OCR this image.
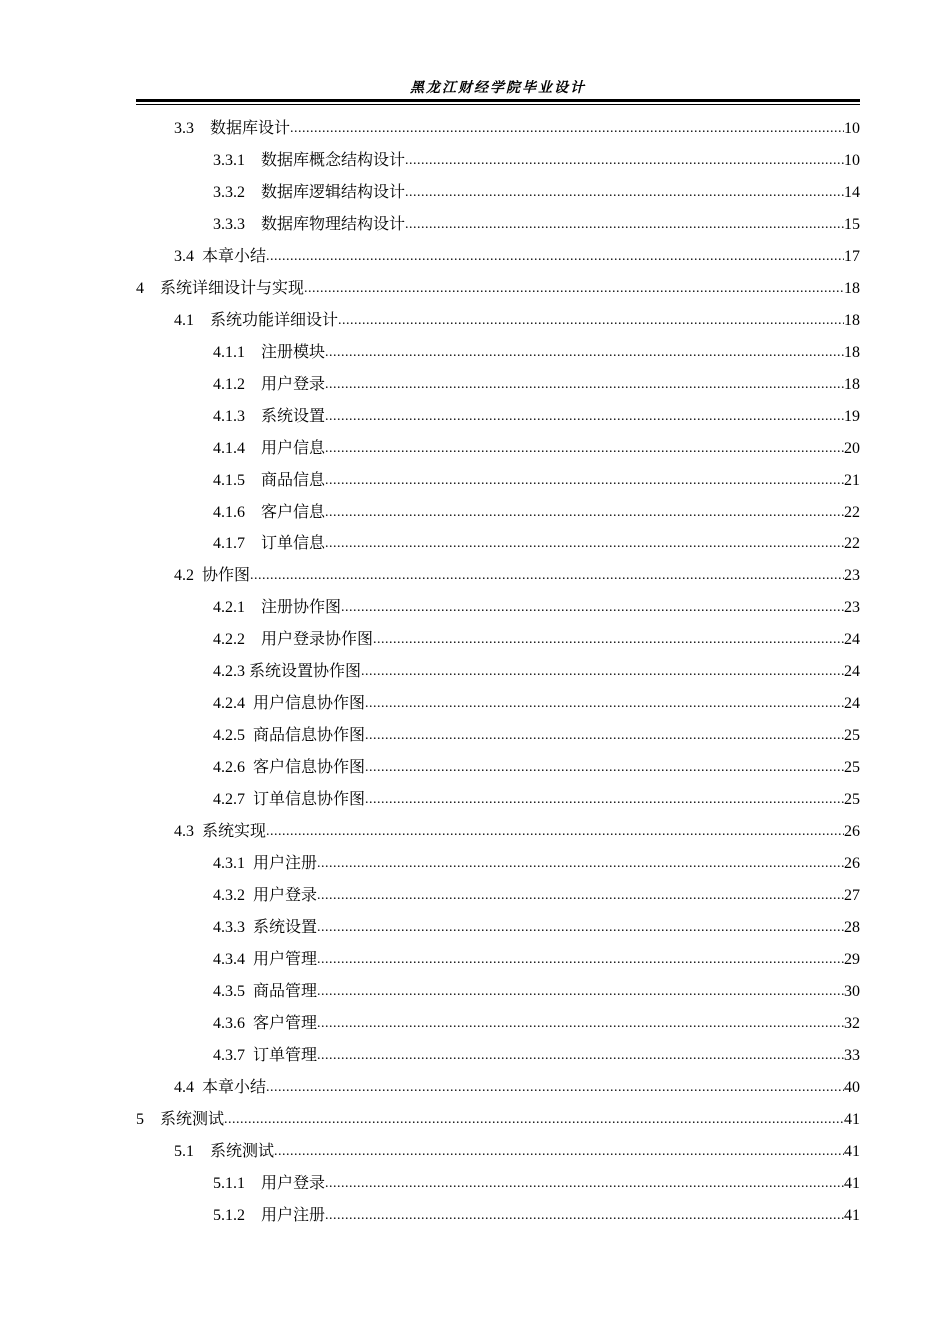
黑龙江财经学院毕业设计
3.3    数据库设计 .....	10
3.3.1    数据库概念结构设计 .....	10
3.3.2    数据库逻辑结构设计 .....	14
3.3.3    数据库物理结构设计 .....	15
3.4  本章小结 .....	17
4    系统详细设计与实现 .....	18
4.1    系统功能详细设计 .....	18
4.1.1    注册模块 .....	18
4.1.2    用户登录 .....	18
4.1.3    系统设置 .....	19
4.1.4    用户信息 .....	20
4.1.5    商品信息 .....	21
4.1.6    客户信息 .....	22
4.1.7    订单信息 .....	22
4.2  协作图 .....	23
4.2.1    注册协作图 .....	23
4.2.2    用户登录协作图 .....	24
4.2.3 系统设置协作图 .....	24
4.2.4  用户信息协作图 .....	24
4.2.5  商品信息协作图 .....	25
4.2.6  客户信息协作图 .....	25
4.2.7  订单信息协作图 .....	25
4.3  系统实现 .....	26
4.3.1  用户注册 .....	26
4.3.2  用户登录 .....	27
4.3.3  系统设置 .....	28
4.3.4  用户管理 .....	29
4.3.5  商品管理 .....	30
4.3.6  客户管理 .....	32
4.3.7  订单管理 .....	33
4.4  本章小结 .....	40
5    系统测试 .....	41
5.1    系统测试 .....	41
5.1.1    用户登录 .....	41
5.1.2    用户注册 .....	41
